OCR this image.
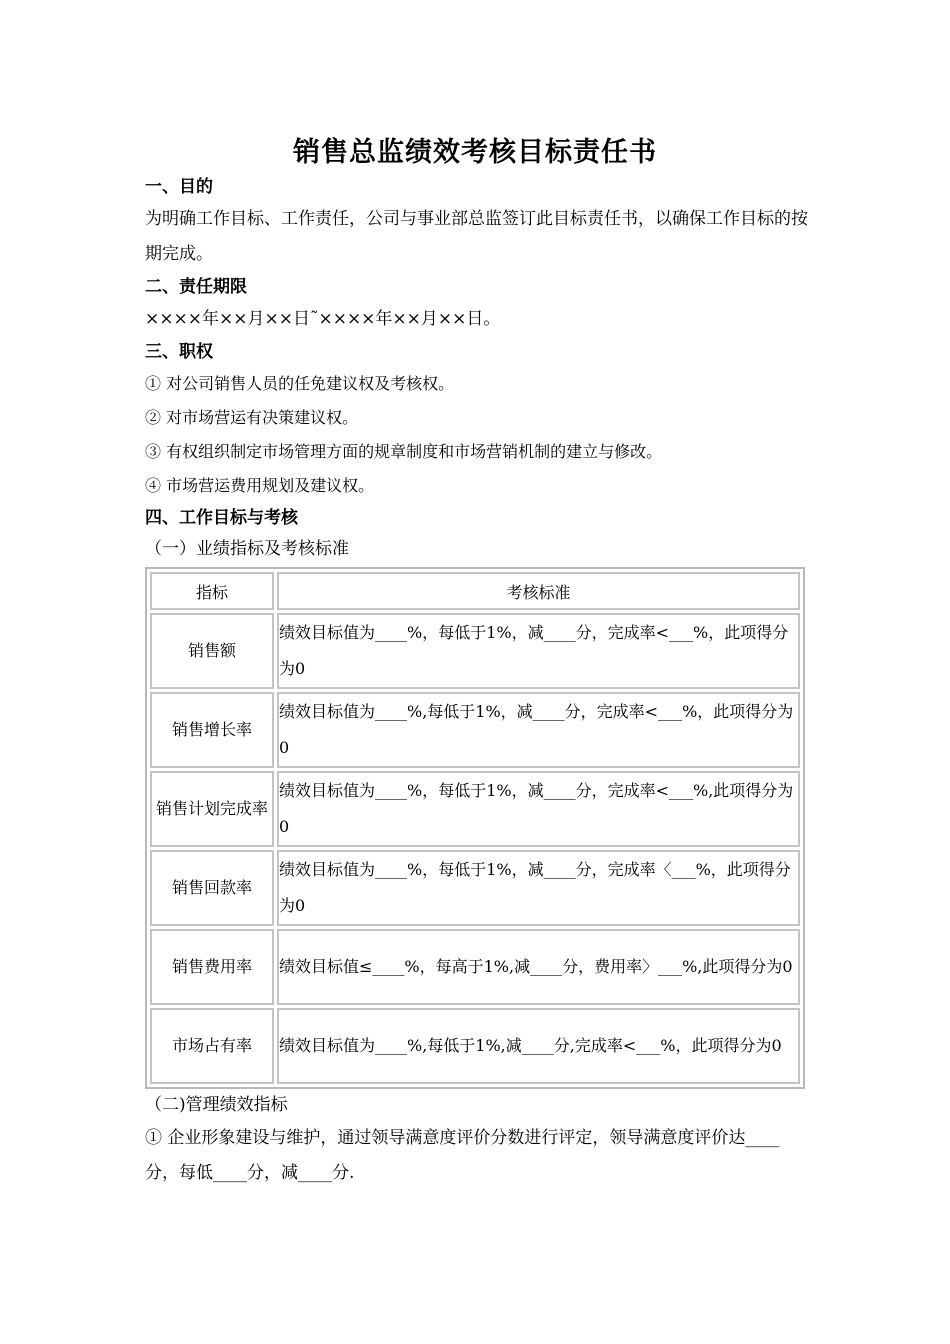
销售总监绩效考核目标责任书

一、目的

为明确工作目标、工作责任，公司与事业部总监签订此目标责任书，以确保工作目标的按期完成。

二、责任期限

××××年××月××日˜××××年××月××日。

三、职权

① 对公司销售人员的任免建议权及考核权。

② 对市场营运有决策建议权。

③ 有权组织制定市场管理方面的规章制度和市场营销机制的建立与修改。

④ 市场营运费用规划及建议权。

四、工作目标与考核

（一）业绩指标及考核标准

指标	考核标准
销售额	绩效目标值为____%，每低于1%，减____分，完成率<___%，此项得分为0
销售增长率	绩效目标值为____%,每低于1%，减____分，完成率<___%，此项得分为0
销售计划完成率	绩效目标值为____%，每低于1%，减____分，完成率<___%,此项得分为0
销售回款率	绩效目标值为____%，每低于1%，减____分，完成率〈___%，此项得分为0
销售费用率	绩效目标值≤____%，每高于1%,减____分，费用率〉___%,此项得分为0
市场占有率	绩效目标值为____%,每低于1%,减____分,完成率<___%，此项得分为0

（二)管理绩效指标

① 企业形象建设与维护，通过领导满意度评价分数进行评定，领导满意度评价达____分，每低____分，减____分.
